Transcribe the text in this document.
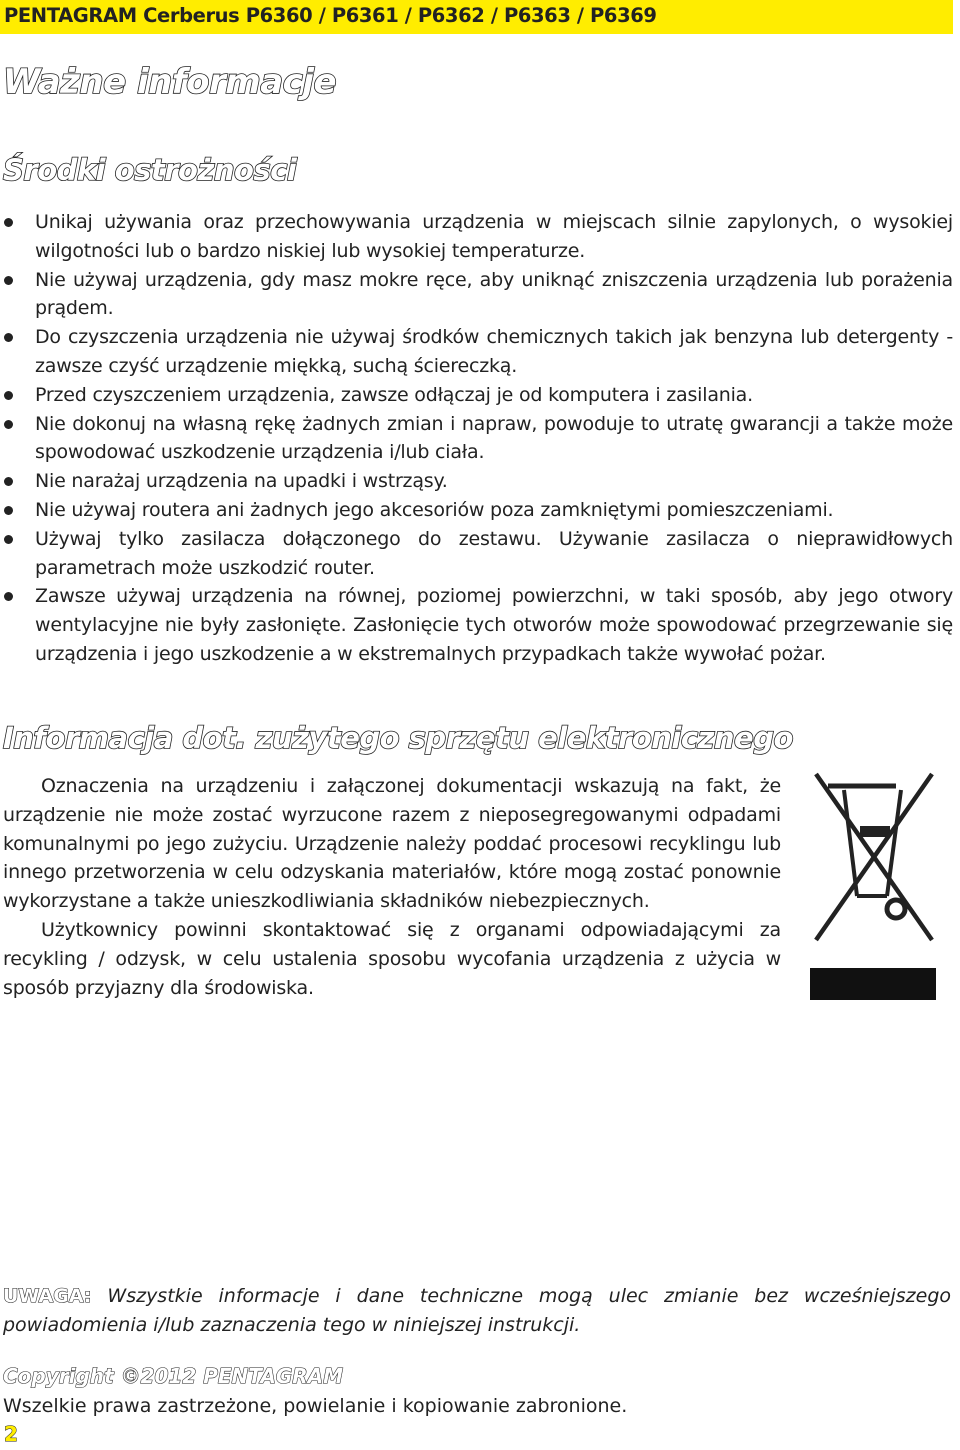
PENTAGRAM Cerberus P6360 / P6361 / P6362 / P6363 / P6369
Ważne informacje
Środki ostrożności
Unikaj używania oraz przechowywania urządzenia w miejscach silnie zapylonych, o wysokiej wilgotności lub o bardzo niskiej lub wysokiej temperaturze.
Nie używaj urządzenia, gdy masz mokre ręce, aby uniknąć zniszczenia urządzenia lub porażenia prądem.
Do czyszczenia urządzenia nie używaj środków chemicznych takich jak benzyna lub detergenty - zawsze czyść urządzenie miękką, suchą ściereczką.
Przed czyszczeniem urządzenia, zawsze odłączaj je od komputera i zasilania.
Nie dokonuj na własną rękę żadnych zmian i napraw, powoduje to utratę gwarancji a także może spowodować uszkodzenie urządzenia i/lub ciała.
Nie narażaj urządzenia na upadki i wstrząsy.
Nie używaj routera ani żadnych jego akcesoriów poza zamkniętymi pomieszczeniami.
Używaj tylko zasilacza dołączonego do zestawu. Używanie zasilacza o nieprawidłowych parametrach może uszkodzić router.
Zawsze używaj urządzenia na równej, poziomej powierzchni, w taki sposób, aby jego otwory wentylacyjne nie były zasłonięte. Zasłonięcie tych otworów może spowodować przegrzewanie się urządzenia i jego uszkodzenie a w ekstremalnych przypadkach także wywołać pożar.
Informacja dot. zużytego sprzętu elektronicznego

Oznaczenia na urządzeniu i załączonej dokumentacji wskazują na fakt, że urządzenie nie może zostać wyrzucone razem z nieposegregowanymi odpadami komunalnymi po jego zużyciu. Urządzenie należy poddać procesowi recyklingu lub innego przetworzenia w celu odzyskania materiałów, które mogą zostać ponownie wykorzystane a także unieszkodliwiania składników niebezpiecznych.

Użytkownicy powinni skontaktować się z organami odpowiadającymi za recykling / odzysk, w celu ustalenia sposobu wycofania urządzenia z użycia w sposób przyjazny dla środowiska.

UWAGA: Wszystkie informacje i dane techniczne mogą ulec zmianie bez wcześniejszego powiadomienia i/lub zaznaczenia tego w niniejszej instrukcji.
Copyright ©2012 PENTAGRAM
Wszelkie prawa zastrzeżone, powielanie i kopiowanie zabronione.
2
